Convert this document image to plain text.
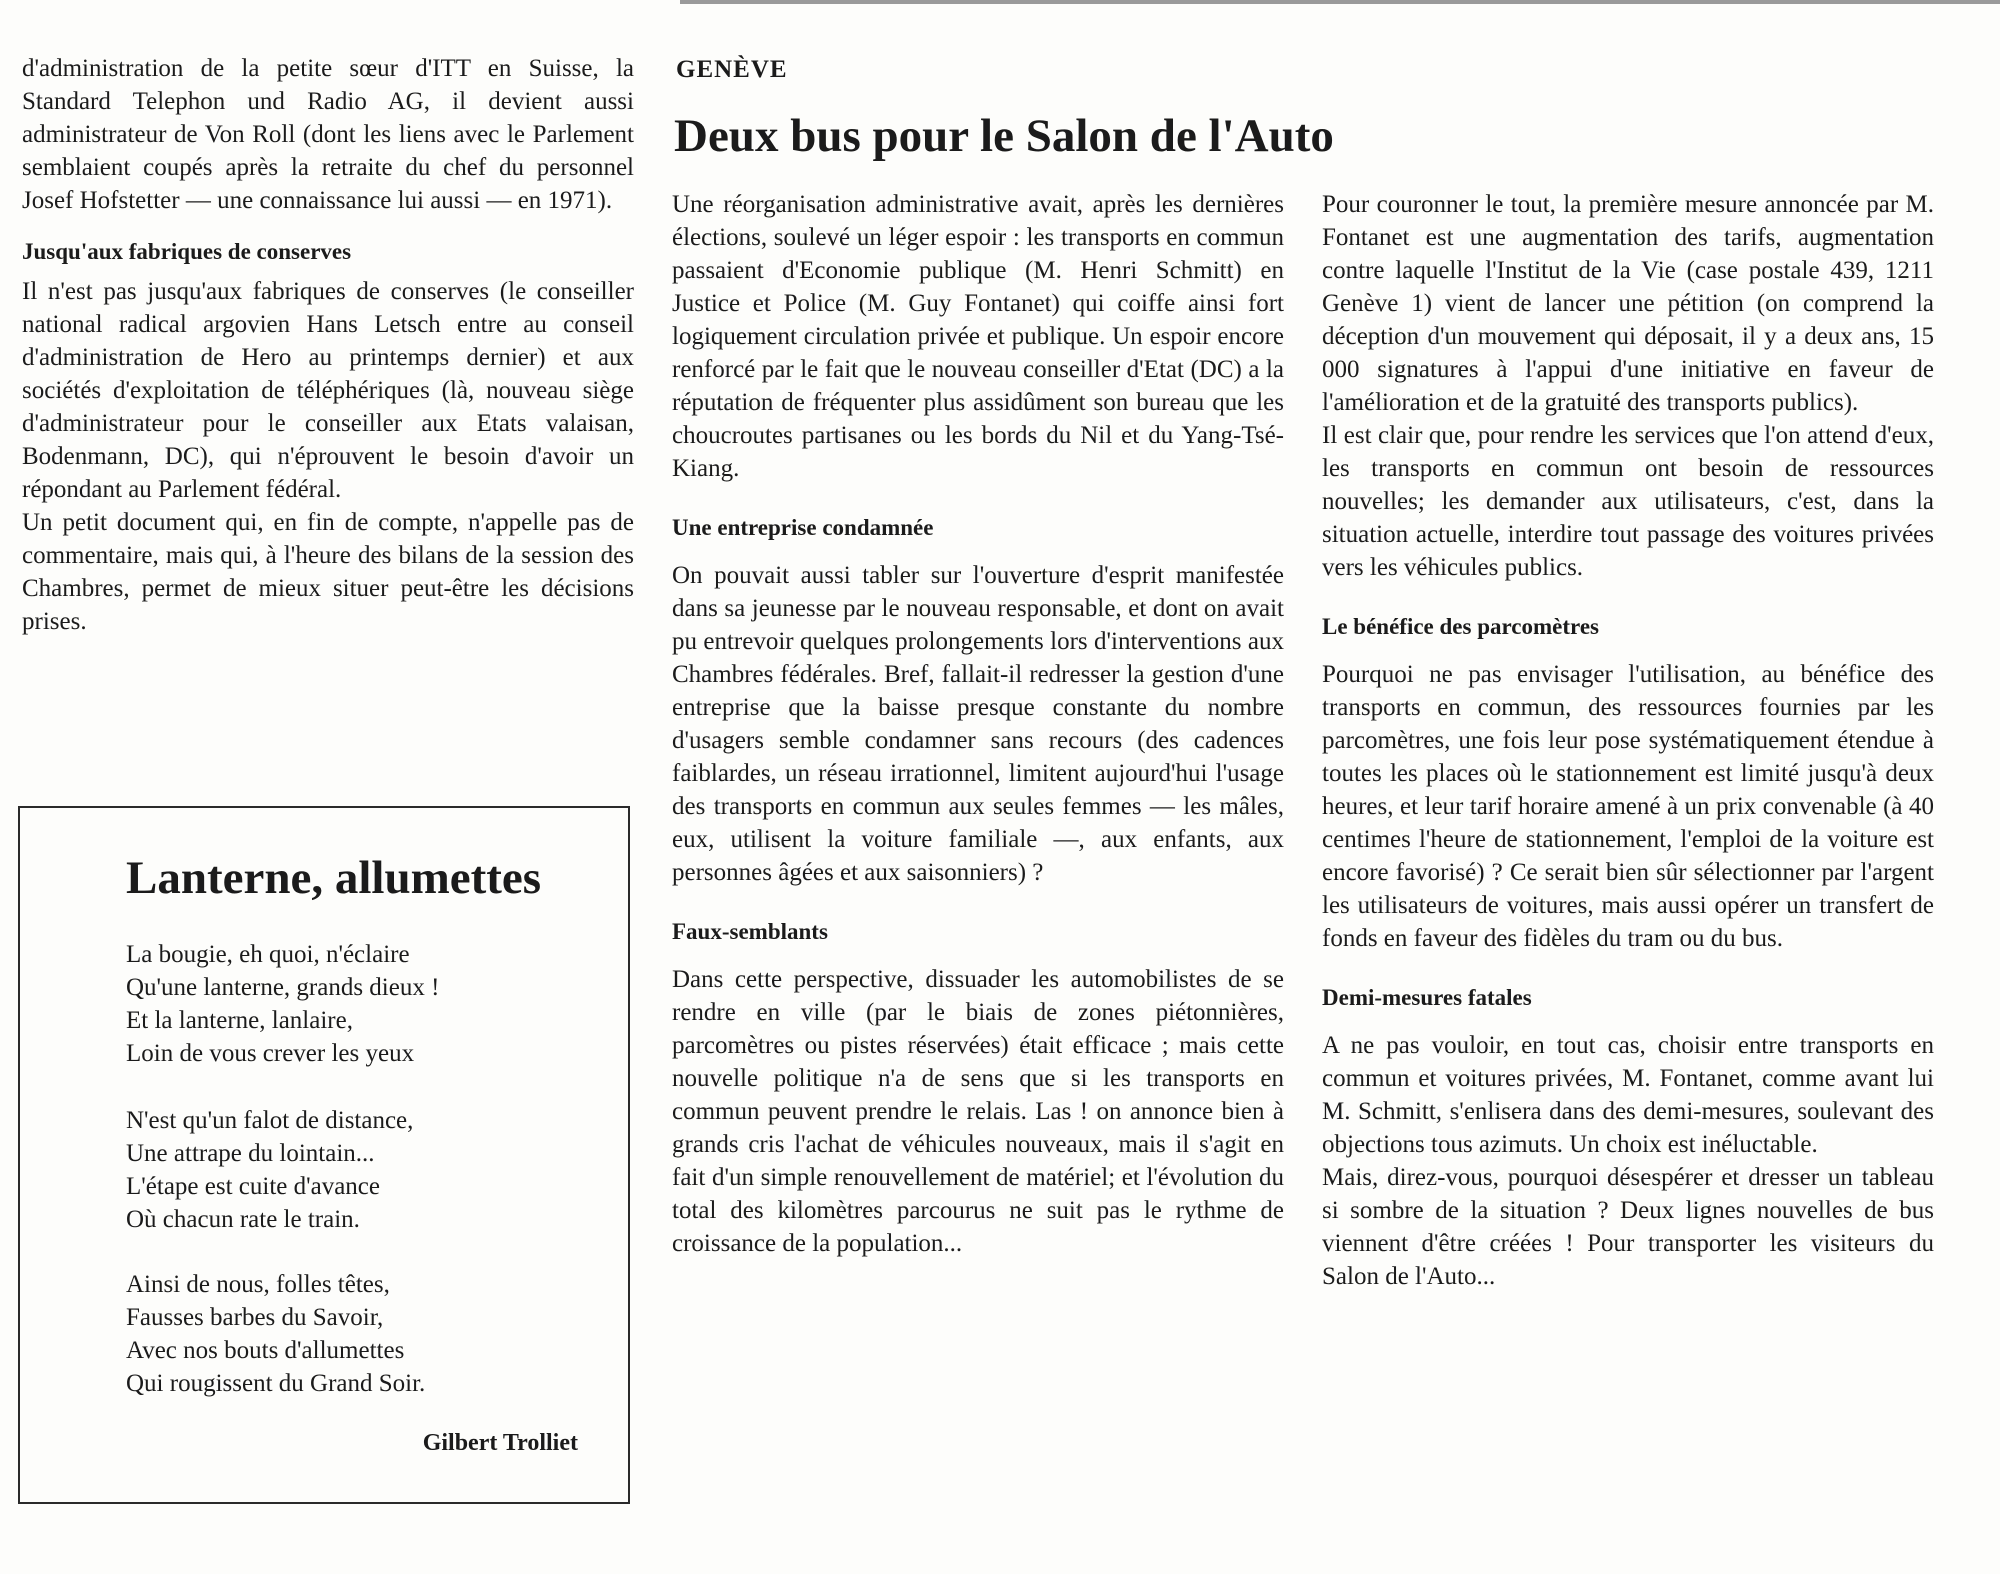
d'administration de la petite sœur d'ITT en Suisse, la Standard Telephon und Radio AG, il devient aussi administrateur de Von Roll (dont les liens avec le Parlement semblaient coupés après la retraite du chef du personnel Josef Hofstetter — une connaissance lui aussi — en 1971).

Jusqu'aux fabriques de conserves

Il n'est pas jusqu'aux fabriques de conserves (le conseiller national radical argovien Hans Letsch entre au conseil d'administration de Hero au printemps dernier) et aux sociétés d'exploitation de téléphériques (là, nouveau siège d'administrateur pour le conseiller aux Etats valaisan, Bodenmann, DC), qui n'éprouvent le besoin d'avoir un répondant au Parlement fédéral.

Un petit document qui, en fin de compte, n'appelle pas de commentaire, mais qui, à l'heure des bilans de la session des Chambres, permet de mieux situer peut-être les décisions prises.

Lanterne, allumettes
La bougie, eh quoi, n'éclaire
Qu'une lanterne, grands dieux !
Et la lanterne, lanlaire,
Loin de vous crever les yeux
N'est qu'un falot de distance,
Une attrape du lointain...
L'étape est cuite d'avance
Où chacun rate le train.
Ainsi de nous, folles têtes,
Fausses barbes du Savoir,
Avec nos bouts d'allumettes
Qui rougissent du Grand Soir.

Gilbert Trolliet

GENÈVE

Deux bus pour le Salon de l'Auto

Une réorganisation administrative avait, après les dernières élections, soulevé un léger espoir : les transports en commun passaient d'Economie publique (M. Henri Schmitt) en Justice et Police (M. Guy Fontanet) qui coiffe ainsi fort logiquement circulation privée et publique. Un espoir encore renforcé par le fait que le nouveau conseiller d'Etat (DC) a la réputation de fréquenter plus assidûment son bureau que les choucroutes partisanes ou les bords du Nil et du Yang-Tsé-Kiang.

Une entreprise condamnée

On pouvait aussi tabler sur l'ouverture d'esprit manifestée dans sa jeunesse par le nouveau responsable, et dont on avait pu entrevoir quelques prolongements lors d'interventions aux Chambres fédérales. Bref, fallait-il redresser la gestion d'une entreprise que la baisse presque constante du nombre d'usagers semble condamner sans recours (des cadences faiblardes, un réseau irrationnel, limitent aujourd'hui l'usage des transports en commun aux seules femmes — les mâles, eux, utilisent la voiture familiale —, aux enfants, aux personnes âgées et aux saisonniers) ?

Faux-semblants

Dans cette perspective, dissuader les automobilistes de se rendre en ville (par le biais de zones piétonnières, parcomètres ou pistes réservées) était efficace ; mais cette nouvelle politique n'a de sens que si les transports en commun peuvent prendre le relais. Las ! on annonce bien à grands cris l'achat de véhicules nouveaux, mais il s'agit en fait d'un simple renouvellement de matériel; et l'évolution du total des kilomètres parcourus ne suit pas le rythme de croissance de la population...

Pour couronner le tout, la première mesure annoncée par M. Fontanet est une augmentation des tarifs, augmentation contre laquelle l'Institut de la Vie (case postale 439, 1211 Genève 1) vient de lancer une pétition (on comprend la déception d'un mouvement qui déposait, il y a deux ans, 15 000 signatures à l'appui d'une initiative en faveur de l'amélioration et de la gratuité des transports publics).

Il est clair que, pour rendre les services que l'on attend d'eux, les transports en commun ont besoin de ressources nouvelles; les demander aux utilisateurs, c'est, dans la situation actuelle, interdire tout passage des voitures privées vers les véhicules publics.

Le bénéfice des parcomètres

Pourquoi ne pas envisager l'utilisation, au bénéfice des transports en commun, des ressources fournies par les parcomètres, une fois leur pose systématiquement étendue à toutes les places où le stationnement est limité jusqu'à deux heures, et leur tarif horaire amené à un prix convenable (à 40 centimes l'heure de stationnement, l'emploi de la voiture est encore favorisé) ? Ce serait bien sûr sélectionner par l'argent les utilisateurs de voitures, mais aussi opérer un transfert de fonds en faveur des fidèles du tram ou du bus.

Demi-mesures fatales

A ne pas vouloir, en tout cas, choisir entre transports en commun et voitures privées, M. Fontanet, comme avant lui M. Schmitt, s'enlisera dans des demi-mesures, soulevant des objections tous azimuts. Un choix est inéluctable.

Mais, direz-vous, pourquoi désespérer et dresser un tableau si sombre de la situation ? Deux lignes nouvelles de bus viennent d'être créées ! Pour transporter les visiteurs du Salon de l'Auto...
